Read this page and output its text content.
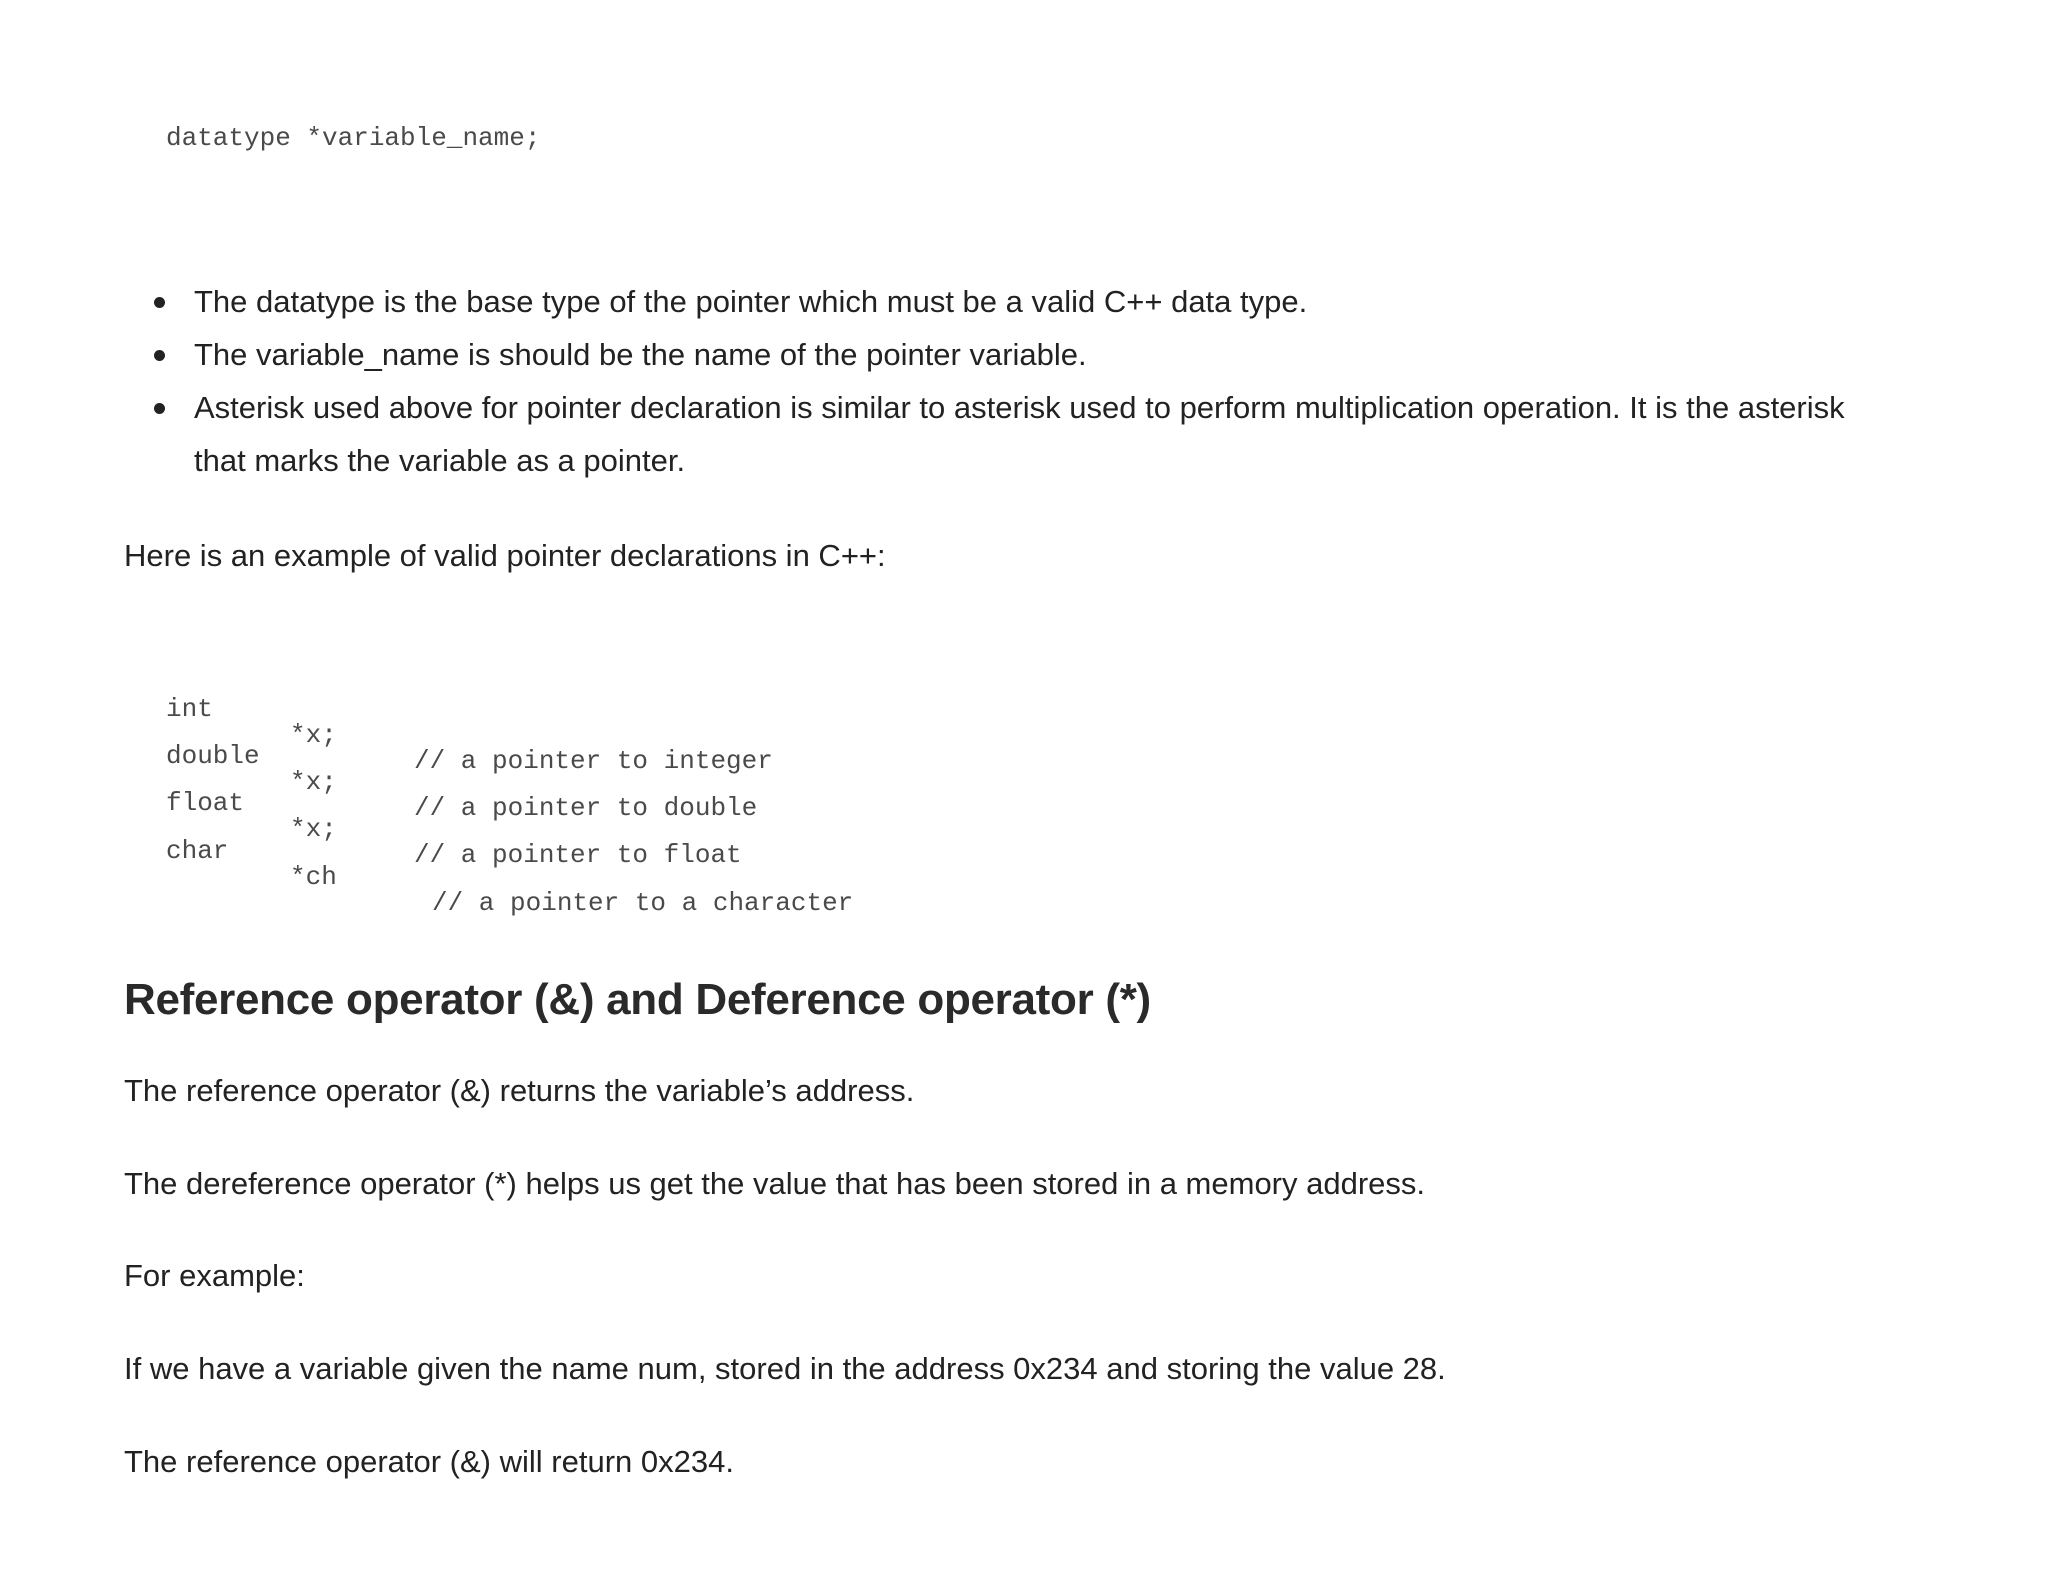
datatype *variable_name;
The datatype is the base type of the pointer which must be a valid C++ data type.
The variable_name is should be the name of the pointer variable.
Asterisk used above for pointer declaration is similar to asterisk used to perform multiplication operation. It is the asterisk that marks the variable as a pointer.
Here is an example of valid pointer declarations in C++:

int

*x;

// a pointer to integer

double

*x;

// a pointer to double

float

*x;

// a pointer to float

char

*ch

// a pointer to a character

Reference operator (&) and Deference operator (*)
The reference operator (&) returns the variable’s address.
The dereference operator (*) helps us get the value that has been stored in a memory address.
For example:
If we have a variable given the name num, stored in the address 0x234 and storing the value 28.
The reference operator (&) will return 0x234.
